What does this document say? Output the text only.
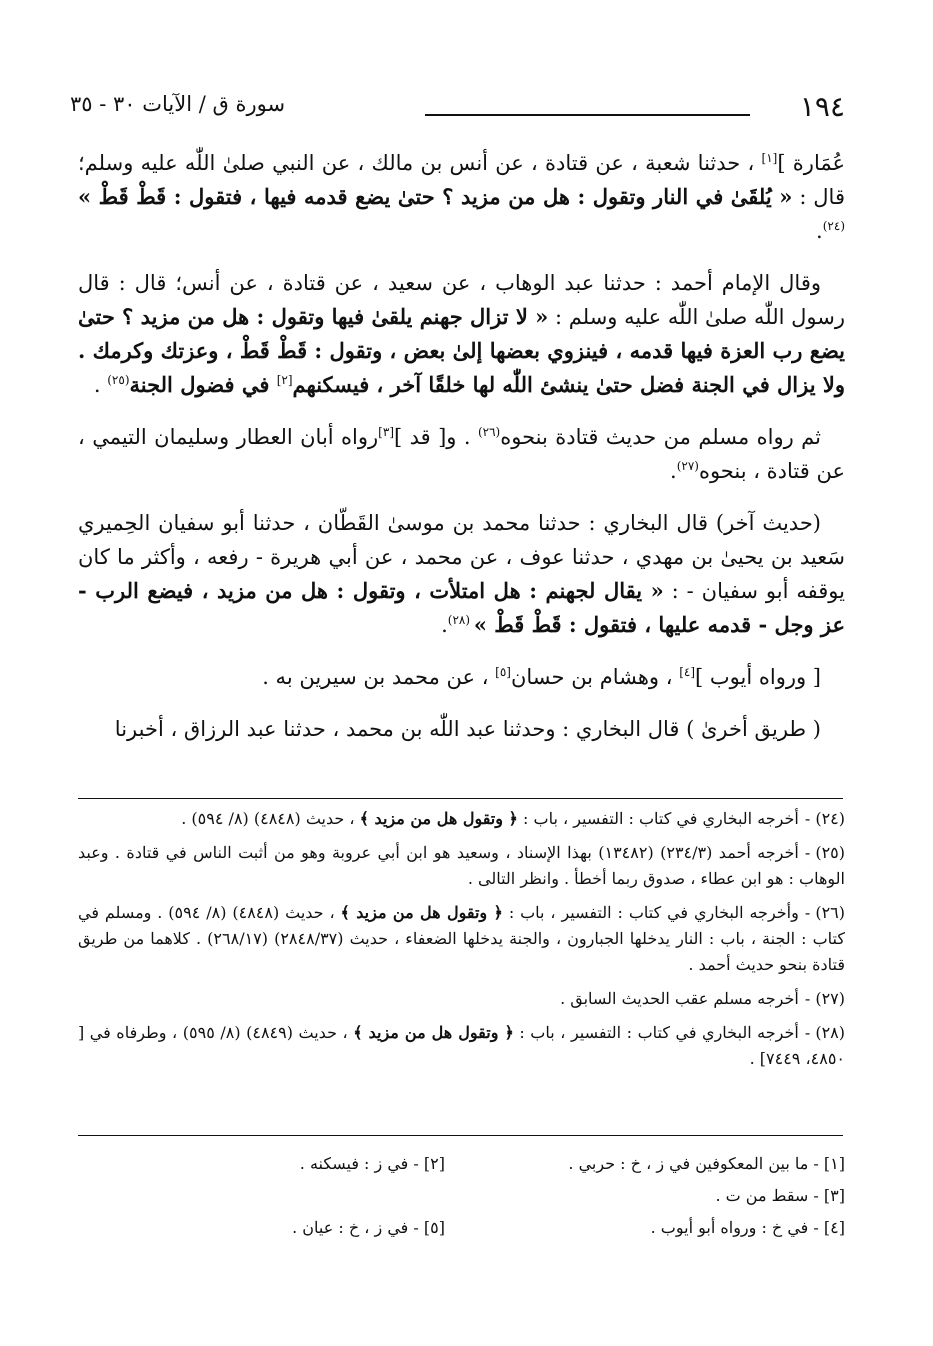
١٩٤
سورة ق / الآيات ٣٠ - ٣٥

عُمَارة ][١] ، حدثنا شعبة ، عن قتادة ، عن أنس بن مالك ، عن النبي صلىٰ اللّٰه عليه وسلم؛ قال : « يُلقَىٰ في النار وتقول : هل من مزيد ؟ حتىٰ يضع قدمه فيها ، فتقول : قَطْ قَطْ » $^{(٢٤)}$.

وقال الإمام أحمد : حدثنا عبد الوهاب ، عن سعيد ، عن قتادة ، عن أنس؛ قال : قال رسول اللّٰه صلىٰ اللّٰه عليه وسلم : « لا تزال جهنم يلقىٰ فيها وتقول : هل من مزيد ؟ حتىٰ يضع رب العزة فيها قدمه ، فينزوي بعضها إلىٰ بعض ، وتقول : قَطْ قَطْ ، وعزتك وكرمك . ولا يزال في الجنة فضل حتىٰ ينشئ اللّٰه لها خلقًا آخر ، فيسكنهم[٢] في فضول الجنة$^{(٢٥)}$ .

ثم رواه مسلم من حديث قتادة بنحوه$^{(٢٦)}$ . و[ قد ][٣]رواه أبان العطار وسليمان التيمي ، عن قتادة ، بنحوه$^{(٢٧)}$.

(حديث آخر) قال البخاري : حدثنا محمد بن موسىٰ القَطّان ، حدثنا أبو سفيان الحِميري سَعيد بن يحيىٰ بن مهدي ، حدثنا عوف ، عن محمد ، عن أبي هريرة - رفعه ، وأكثر ما كان يوقفه أبو سفيان - : « يقال لجهنم : هل امتلأت ، وتقول : هل من مزيد ، فيضع الرب - عز وجل - قدمه عليها ، فتقول : قَطْ قَطْ » $^{(٢٨)}$.

[ ورواه أيوب ][٤] ، وهشام بن حسان[٥] ، عن محمد بن سيرين به .

( طريق أخرىٰ ) قال البخاري : وحدثنا عبد اللّٰه بن محمد ، حدثنا عبد الرزاق ، أخبرنا

(٢٤) -أخرجه البخاري في كتاب : التفسير ، باب : ﴿ وتقول هل من مزيد ﴾ ، حديث (٤٨٤٨) (٨/ ٥٩٤) .

(٢٥) -أخرجه أحمد (٢٣٤/٣) (١٣٤٨٢) بهذا الإسناد ، وسعيد هو ابن أبي عروبة وهو من أثبت الناس في قتادة . وعبد الوهاب : هو ابن عطاء ، صدوق ربما أخطأ . وانظر التالى .

(٢٦) -وأخرجه البخاري في كتاب : التفسير ، باب : ﴿ وتقول هل من مزيد ﴾ ، حديث (٤٨٤٨) (٨/ ٥٩٤) . ومسلم في كتاب : الجنة ، باب : النار يدخلها الجبارون ، والجنة يدخلها الضعفاء ، حديث (٢٨٤٨/٣٧) (٢٦٨/١٧) . كلاهما من طريق قتادة بنحو حديث أحمد .

(٢٧) -أخرجه مسلم عقب الحديث السابق .

(٢٨) -أخرجه البخاري في كتاب : التفسير ، باب : ﴿ وتقول هل من مزيد ﴾ ، حديث (٤٨٤٩) (٨/ ٥٩٥) ، وطرفاه في [ ٤٨٥٠، ٧٤٤٩] .

[١] - ما بين المعكوفين في ز ، خ : حربي .
[٢] - في ز : فيسكنه .
[٣] - سقط من ت .
[٤] - في خ : ورواه أبو أيوب .
[٥] - في ز ، خ : عيان .
